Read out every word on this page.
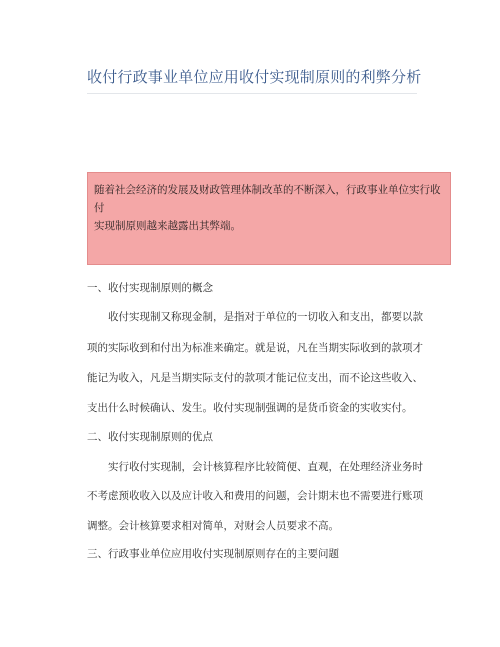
收付行政事业单位应用收付实现制原则的利弊分析

随着社会经济的发展及财政管理体制改革的不断深入，行政事业单位实行收付

实现制原则越来越露出其弊端。

一、收付实现制原则的概念
收付实现制又称现金制，是指对于单位的一切收入和支出，都要以款
项的实际收到和付出为标准来确定。就是说，凡在当期实际收到的款项才
能记为收入，凡是当期实际支付的款项才能记位支出，而不论这些收入、
支出什么时候确认、发生。收付实现制强调的是货币资金的实收实付。
二、收付实现制原则的优点
实行收付实现制，会计核算程序比较简便、直观，在处理经济业务时
不考虑预收收入以及应计收入和费用的问题，会计期末也不需要进行账项
调整。会计核算要求相对简单，对财会人员要求不高。
三、行政事业单位应用收付实现制原则存在的主要问题
